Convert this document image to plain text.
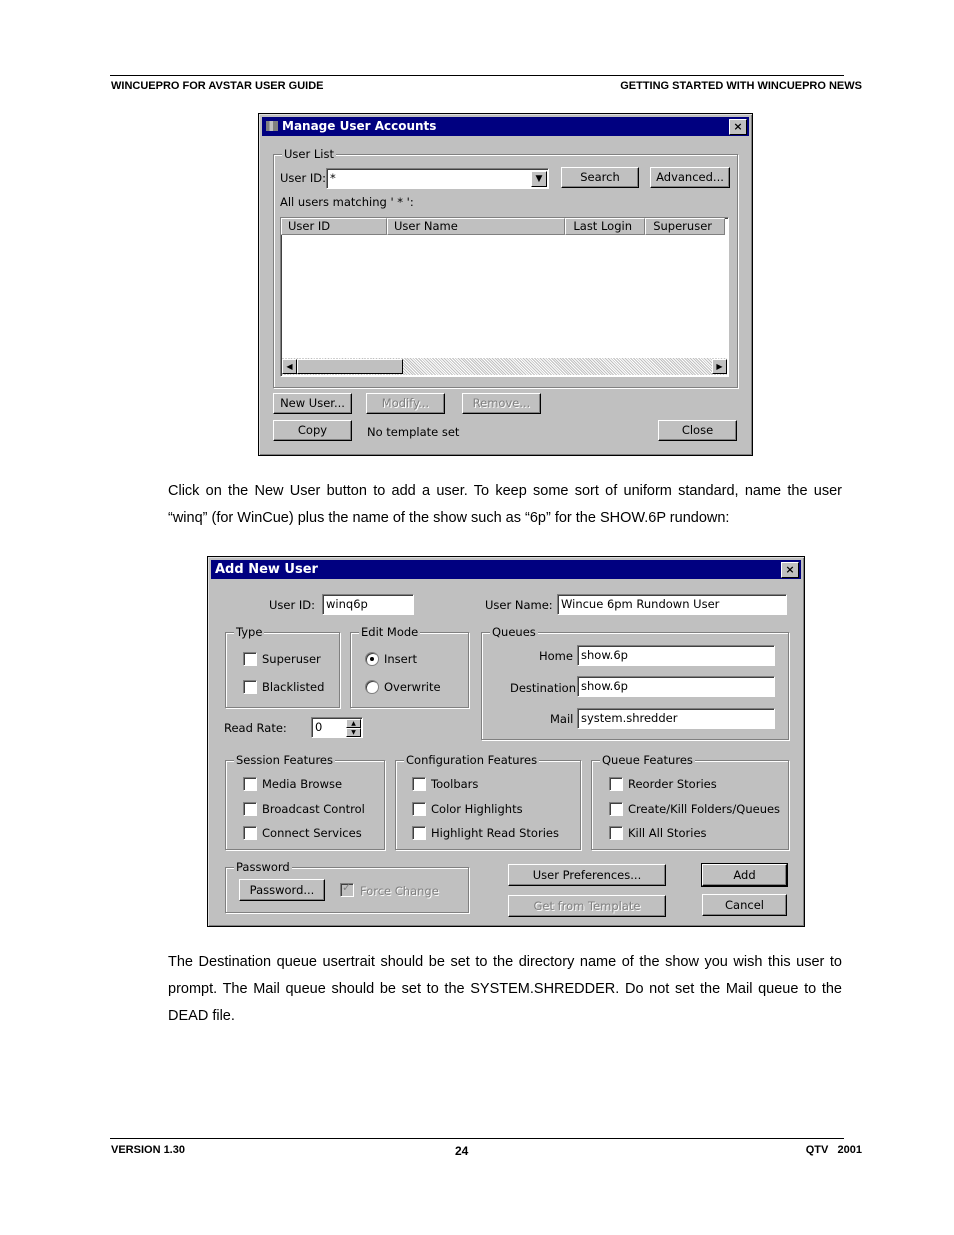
WINCUEPRO FOR AVSTAR USER GUIDE	GETTING STARTED WITH WINCUEPRO NEWS
Manage User Accounts	×
User List
User ID: *	▼	Search	Advanced...
All users matching ' * ':
User ID	User Name	Last Login	Superuser
◀	▶
New User...	Modify...	Remove...
Copy	No template set	Close
Click on the New User button to add a user. To keep some sort of uniform standard, name the user “winq” (for WinCue) plus the name of the show such as “6p” for the SHOW.6P rundown:
Add New User	×
User ID: winq6p	User Name: Wincue 6pm Rundown User
Type
Superuser
Blacklisted
Edit Mode
Insert
Overwrite
Queues
Home show.6p
Destination show.6p
Mail system.shredder
Read Rate:	0	▲
▼
Session Features
Media Browse
Broadcast Control
Connect Services
Configuration Features
Toolbars
Color Highlights
Highlight Read Stories
Queue Features
Reorder Stories
Create/Kill Folders/Queues
Kill All Stories
Password
Password...
✓	Force Change
User Preferences...
Get from Template
Add
Cancel
The Destination queue usertrait should be set to the directory name of the show you wish this user to prompt. The Mail queue should be set to the SYSTEM.SHREDDER. Do not set the Mail queue to the DEAD file.
VERSION 1.30	24	QTV   2001
